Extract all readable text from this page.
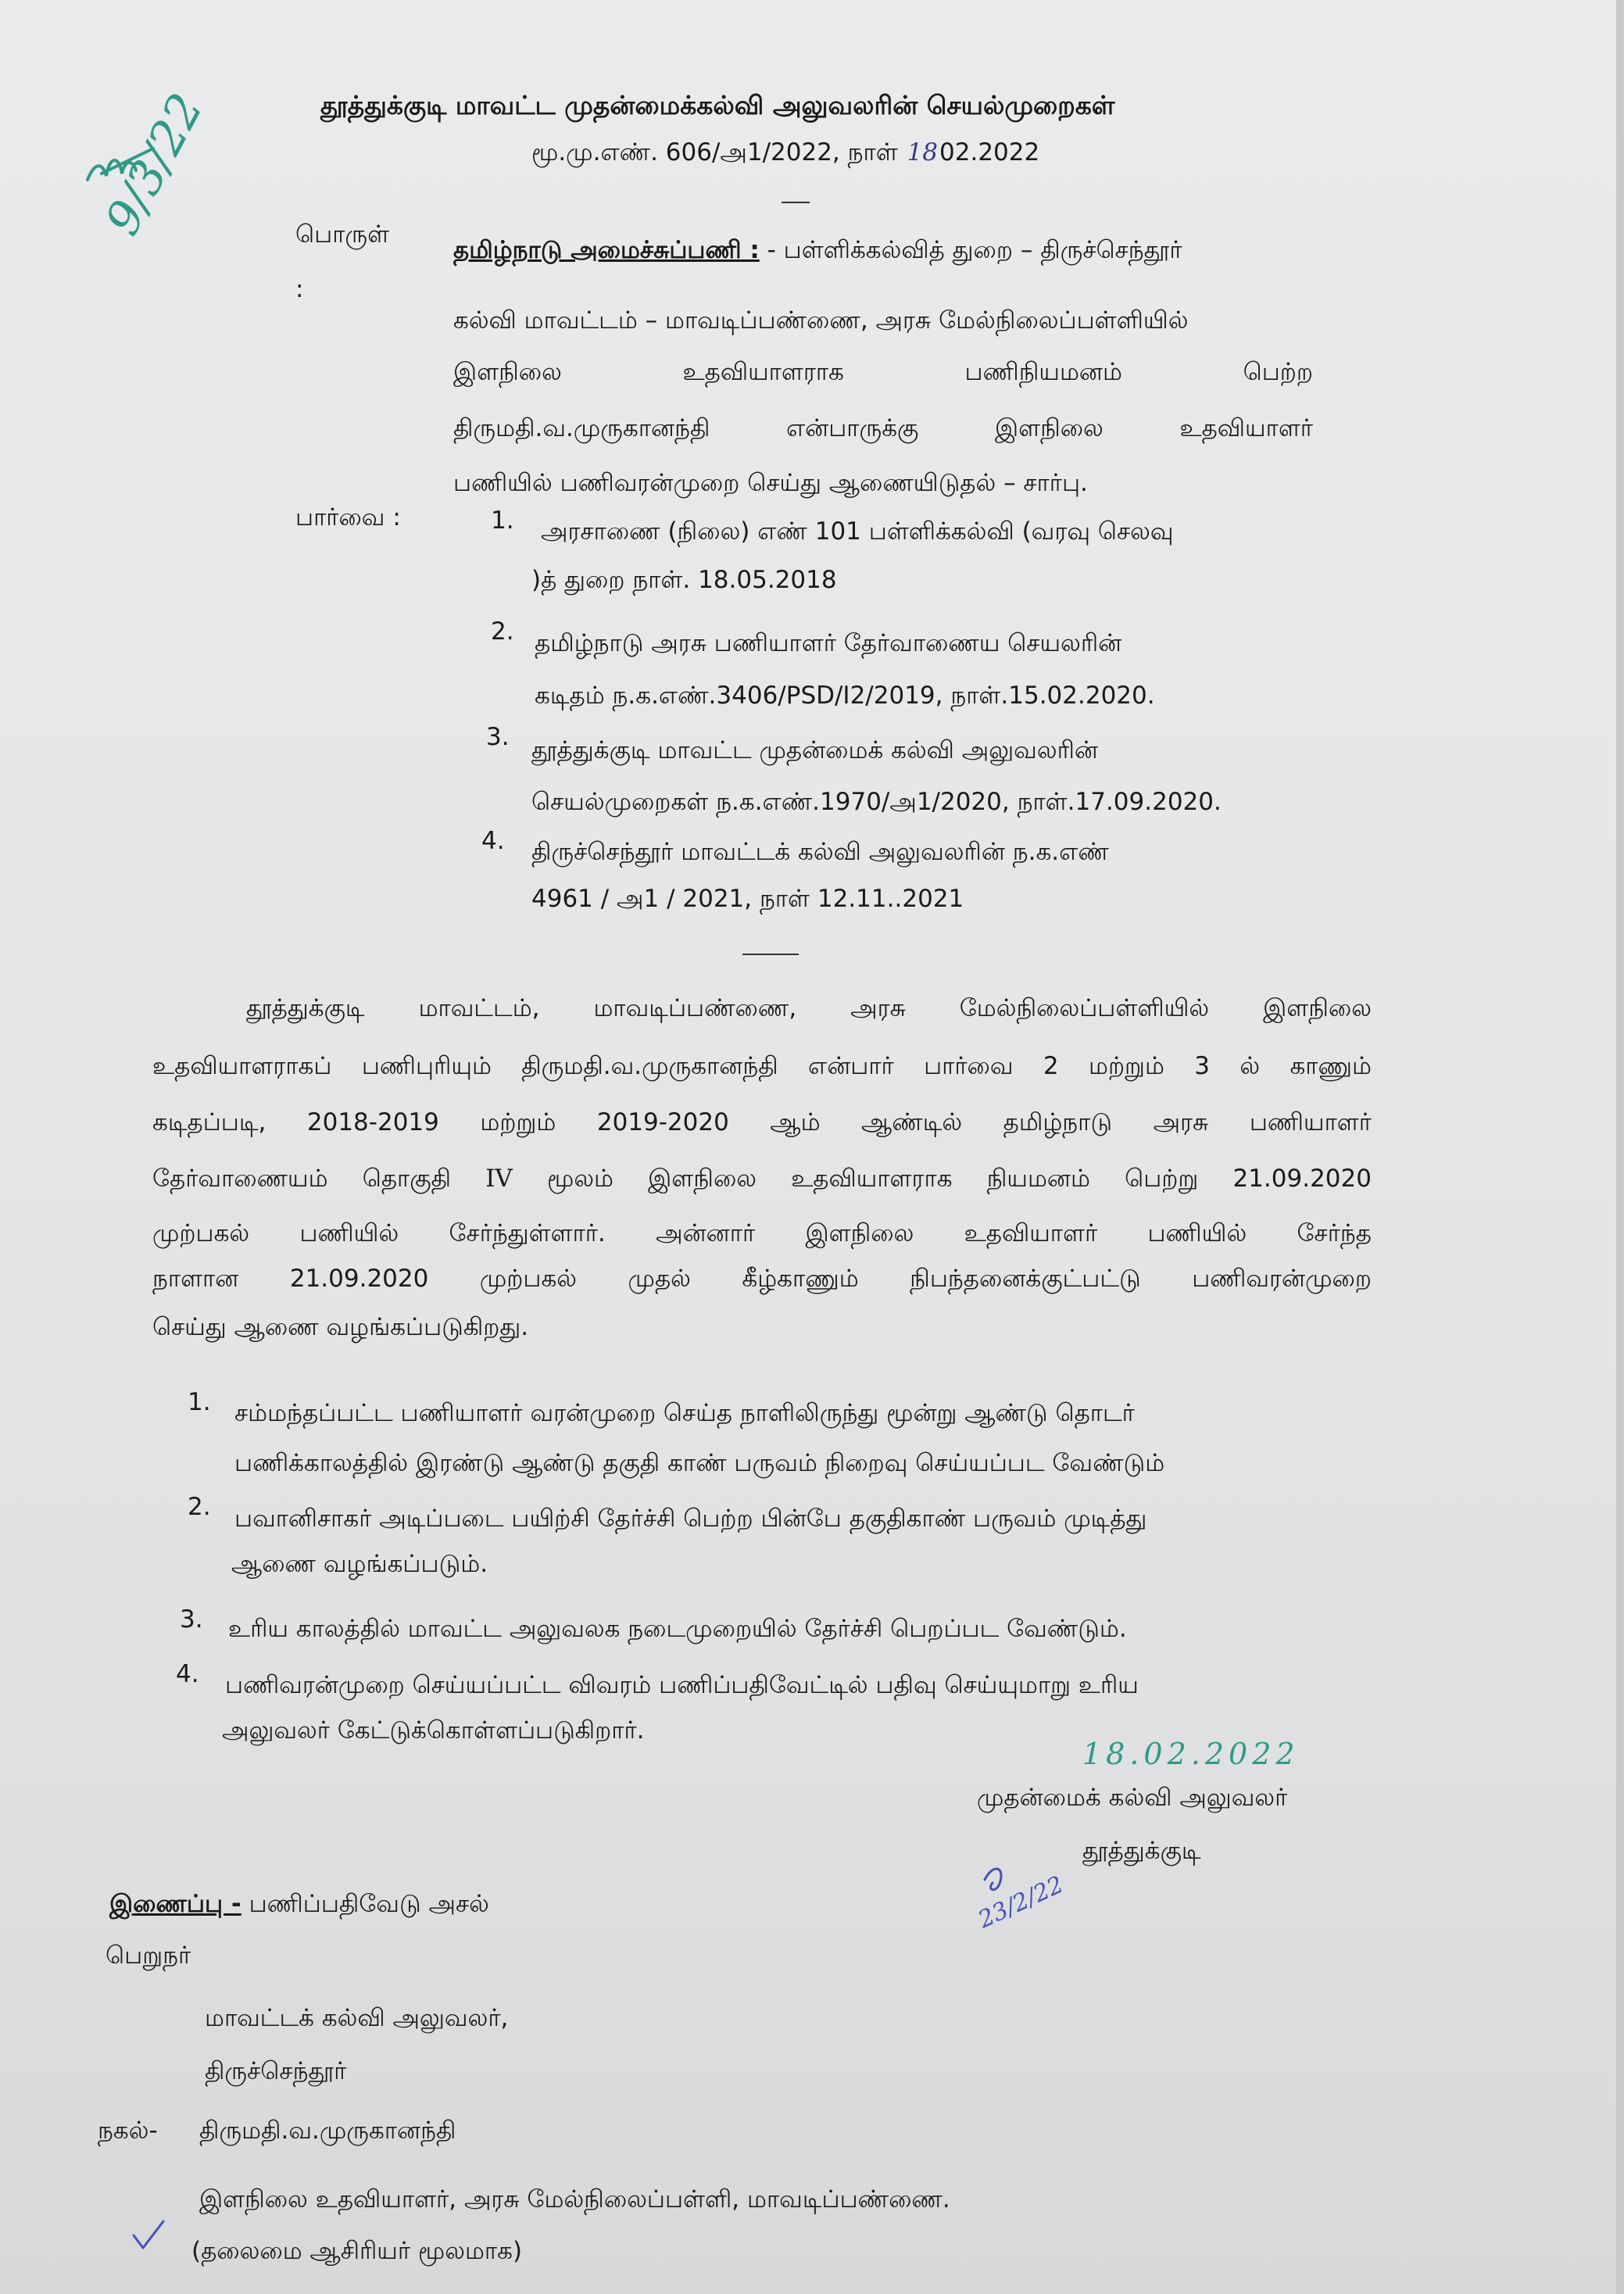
தூத்துக்குடி மாவட்ட முதன்மைக்கல்வி அலுவலரின் செயல்முறைகள்
மூ.மு.எண். 606/அ1/2022, நாள் 1802.2022
9/3/22	பொருள்
:
தமிழ்நாடு அமைச்சுப்பணி : - பள்ளிக்கல்வித் துறை – திருச்செந்தூர்
கல்வி மாவட்டம் – மாவடிப்பண்ணை, அரசு மேல்நிலைப்பள்ளியில்
இளநிலை	உதவியாளராக	பணிநியமனம்	பெற்ற
திருமதி.வ.முருகானந்தி	என்பாருக்கு	இளநிலை	உதவியாளர்
பணியில் பணிவரன்முறை செய்து ஆணையிடுதல் – சார்பு.
பார்வை :	1. அரசாணை (நிலை) எண் 101 பள்ளிக்கல்வி (வரவு செலவு
)த் துறை நாள். 18.05.2018
2. தமிழ்நாடு அரசு பணியாளர் தேர்வாணைய செயலரின்
கடிதம் ந.க.எண்.3406/PSD/I2/2019, நாள்.15.02.2020.
3. தூத்துக்குடி மாவட்ட முதன்மைக் கல்வி அலுவலரின்
செயல்முறைகள் ந.க.எண்.1970/அ1/2020, நாள்.17.09.2020.
4. திருச்செந்தூர் மாவட்டக் கல்வி அலுவலரின் ந.க.எண்
4961 / அ1 / 2021, நாள் 12.11..2021
தூத்துக்குடி மாவட்டம், மாவடிப்பண்ணை, அரசு மேல்நிலைப்பள்ளியில் இளநிலை
உதவியாளராகப் பணிபுரியும் திருமதி.வ.முருகானந்தி என்பார் பார்வை 2 மற்றும் 3 ல் காணும்
கடிதப்படி, 2018-2019 மற்றும் 2019-2020 ஆம் ஆண்டில் தமிழ்நாடு அரசு பணியாளர்
தேர்வாணையம் தொகுதி IV மூலம் இளநிலை உதவியாளராக நியமனம் பெற்று 21.09.2020
முற்பகல் பணியில் சேர்ந்துள்ளார். அன்னார் இளநிலை உதவியாளர் பணியில் சேர்ந்த
நாளான 21.09.2020 முற்பகல் முதல் கீழ்காணும் நிபந்தனைக்குட்பட்டு பணிவரன்முறை
செய்து ஆணை வழங்கப்படுகிறது.
1. சம்மந்தப்பட்ட பணியாளர் வரன்முறை செய்த நாளிலிருந்து மூன்று ஆண்டு தொடர்
பணிக்காலத்தில் இரண்டு ஆண்டு தகுதி காண் பருவம் நிறைவு செய்யப்பட வேண்டும்
2. பவானிசாகர் அடிப்படை பயிற்சி தேர்ச்சி பெற்ற பின்பே தகுதிகாண் பருவம் முடித்து
ஆணை வழங்கப்படும்.
3. உரிய காலத்தில் மாவட்ட அலுவலக நடைமுறையில் தேர்ச்சி பெறப்பட வேண்டும்.
4. பணிவரன்முறை செய்யப்பட்ட விவரம் பணிப்பதிவேட்டில் பதிவு செய்யுமாறு உரிய
அலுவலர் கேட்டுக்கொள்ளப்படுகிறார்.
18.02.2022
முதன்மைக் கல்வி அலுவலர்
தூத்துக்குடி
23/2/22
இணைப்பு - பணிப்பதிவேடு அசல்
பெறுநர்
மாவட்டக் கல்வி அலுவலர்,
திருச்செந்தூர்
நகல்- திருமதி.வ.முருகானந்தி
இளநிலை உதவியாளர், அரசு மேல்நிலைப்பள்ளி, மாவடிப்பண்ணை.
(தலைமை ஆசிரியர் மூலமாக)
